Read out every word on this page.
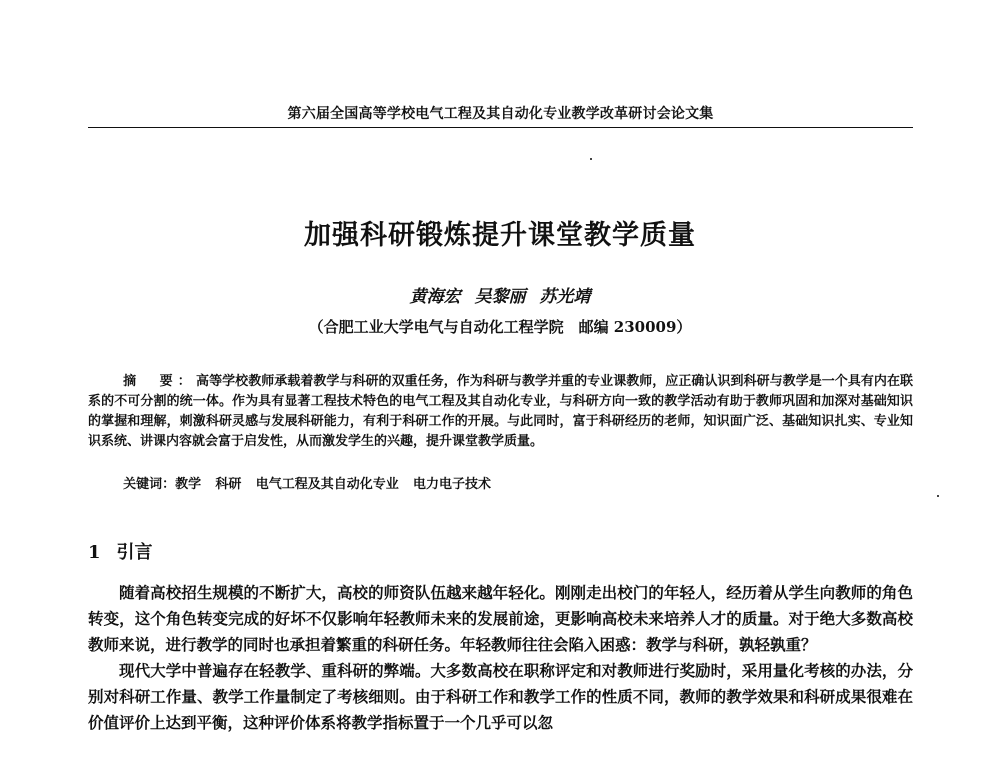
第六届全国高等学校电气工程及其自动化专业教学改革研讨会论文集
加强科研锻炼提升课堂教学质量
黄海宏 吴黎丽 苏光靖
（合肥工业大学电气与自动化工程学院　邮编 230009）
摘　要：高等学校教师承载着教学与科研的双重任务，作为科研与教学并重的专业课教师，应正确认识到科研与教学是一个具有内在联系的不可分割的统一体。作为具有显著工程技术特色的电气工程及其自动化专业，与科研方向一致的教学活动有助于教师巩固和加深对基础知识的掌握和理解，刺激科研灵感与发展科研能力，有利于科研工作的开展。与此同时，富于科研经历的老师，知识面广泛、基础知识扎实、专业知识系统、讲课内容就会富于启发性，从而激发学生的兴趣，提升课堂教学质量。
关键词：教学 科研 电气工程及其自动化专业 电力电子技术
1 引言

随着高校招生规模的不断扩大，高校的师资队伍越来越年轻化。刚刚走出校门的年轻人，经历着从学生向教师的角色转变，这个角色转变完成的好坏不仅影响年轻教师未来的发展前途，更影响高校未来培养人才的质量。对于绝大多数高校教师来说，进行教学的同时也承担着繁重的科研任务。年轻教师往往会陷入困惑：教学与科研，孰轻孰重？

现代大学中普遍存在轻教学、重科研的弊端。大多数高校在职称评定和对教师进行奖励时，采用量化考核的办法，分别对科研工作量、教学工作量制定了考核细则。由于科研工作和教学工作的性质不同，教师的教学效果和科研成果很难在价值评价上达到平衡，这种评价体系将教学指标置于一个几乎可以忽
